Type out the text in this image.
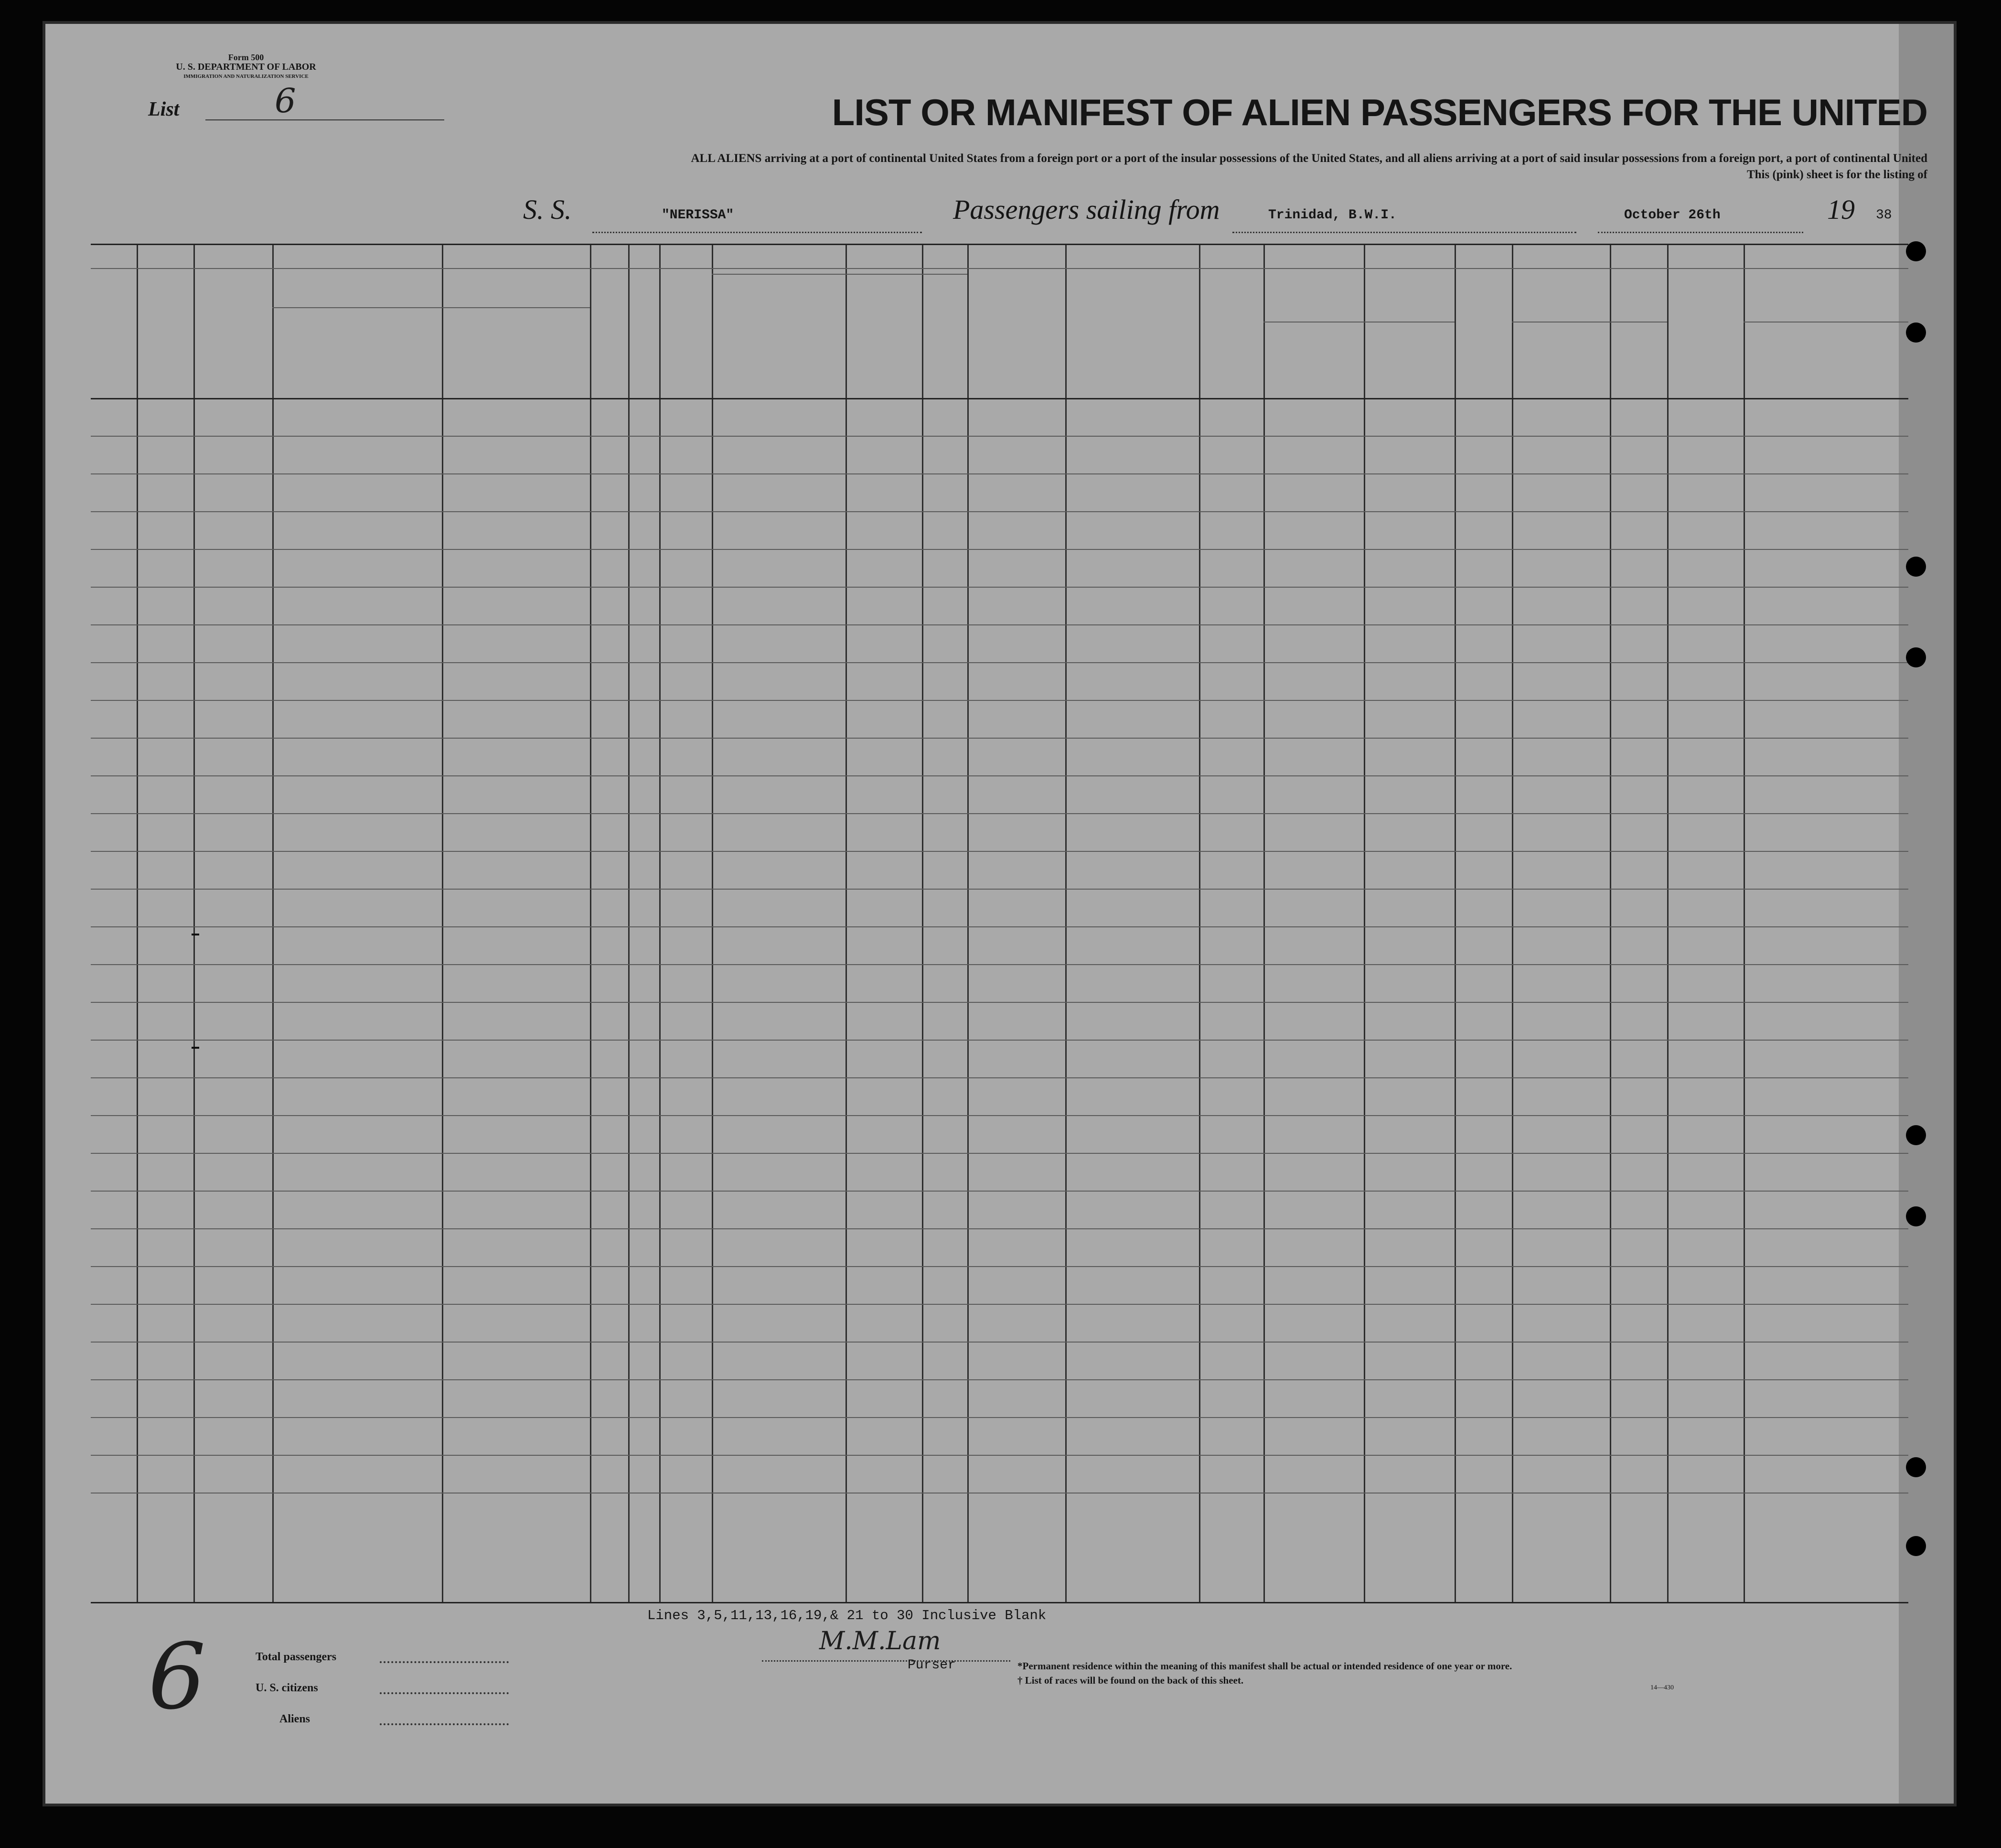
Form 500
U. S. DEPARTMENT OF LABOR
IMMIGRATION AND NATURALIZATION SERVICE
List	6	LIST OR MANIFEST OF ALIEN PASSENGERS FOR THE UNITED
ALL ALIENS arriving at a port of continental United States from a foreign port or a port of the insular possessions of the United States, and all aliens arriving at a port of said insular possessions from a foreign port, a port of continental United
This (pink) sheet is for the listing of
S. S.	"NERISSA"	Passengers sailing from	Trinidad, B.W.I.	October 26th	19 38
Lines 3,5,11,13,16,19,& 21 to 30 Inclusive Blank
M.M.Lam
Purser
6	Total passengers
U. S. citizens
Aliens
*Permanent residence within the meaning of this manifest shall be actual or intended residence of one year or more.
† List of races will be found on the back of this sheet.
14—430
